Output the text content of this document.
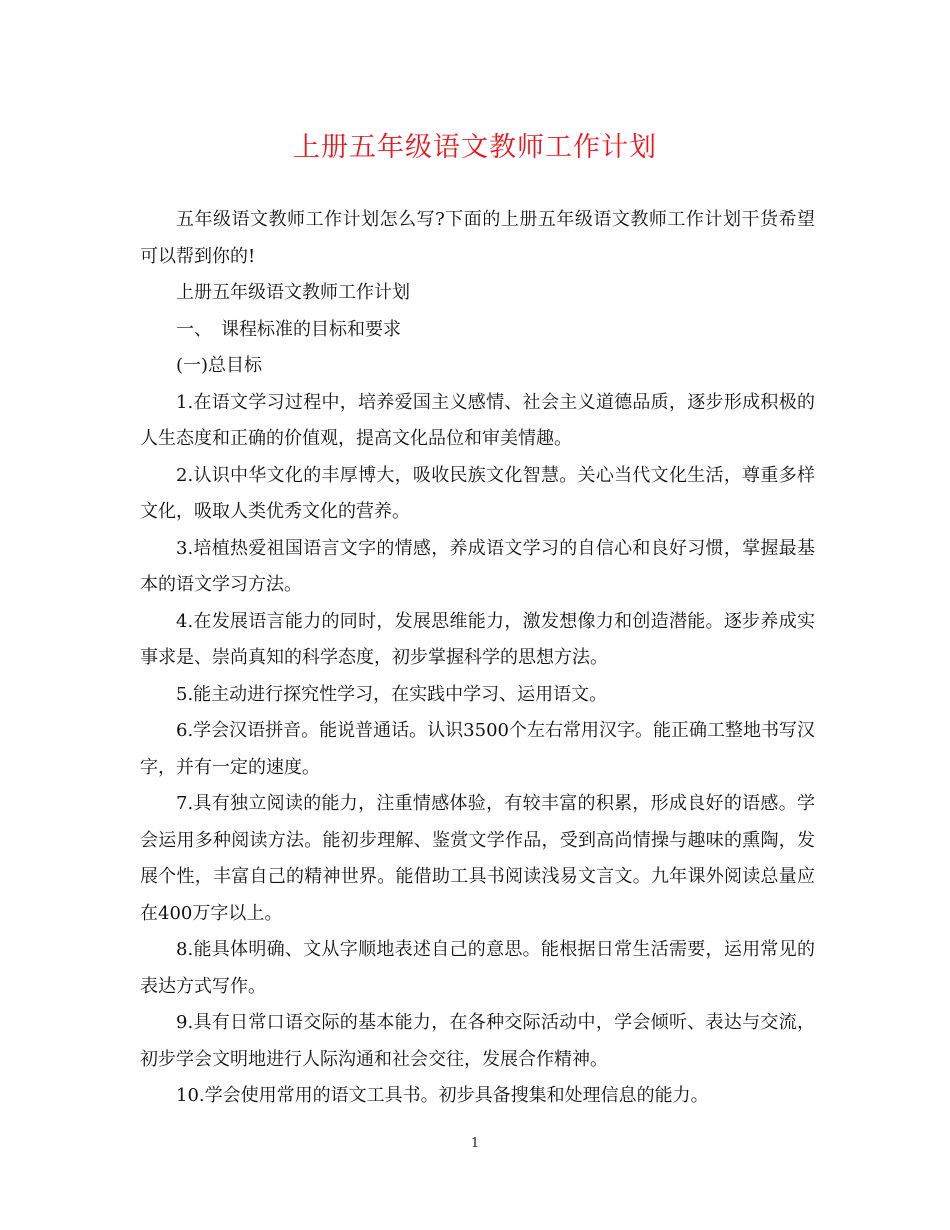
上册五年级语文教师工作计划

五年级语文教师工作计划怎么写?下面的上册五年级语文教师工作计划干货希望可以帮到你的!

上册五年级语文教师工作计划

一、　课程标准的目标和要求

(一)总目标

1.在语文学习过程中，培养爱国主义感情、社会主义道德品质，逐步形成积极的人生态度和正确的价值观，提高文化品位和审美情趣。

2.认识中华文化的丰厚博大，吸收民族文化智慧。关心当代文化生活，尊重多样文化，吸取人类优秀文化的营养。

3.培植热爱祖国语言文字的情感，养成语文学习的自信心和良好习惯，掌握最基本的语文学习方法。

4.在发展语言能力的同时，发展思维能力，激发想像力和创造潜能。逐步养成实事求是、崇尚真知的科学态度，初步掌握科学的思想方法。

5.能主动进行探究性学习，在实践中学习、运用语文。

6.学会汉语拼音。能说普通话。认识3500个左右常用汉字。能正确工整地书写汉字，并有一定的速度。

7.具有独立阅读的能力，注重情感体验，有较丰富的积累，形成良好的语感。学会运用多种阅读方法。能初步理解、鉴赏文学作品，受到高尚情操与趣味的熏陶，发展个性，丰富自己的精神世界。能借助工具书阅读浅易文言文。九年课外阅读总量应在400万字以上。

8.能具体明确、文从字顺地表述自己的意思。能根据日常生活需要，运用常见的表达方式写作。

9.具有日常口语交际的基本能力，在各种交际活动中，学会倾听、表达与交流，初步学会文明地进行人际沟通和社会交往，发展合作精神。

10.学会使用常用的语文工具书。初步具备搜集和处理信息的能力。

1
